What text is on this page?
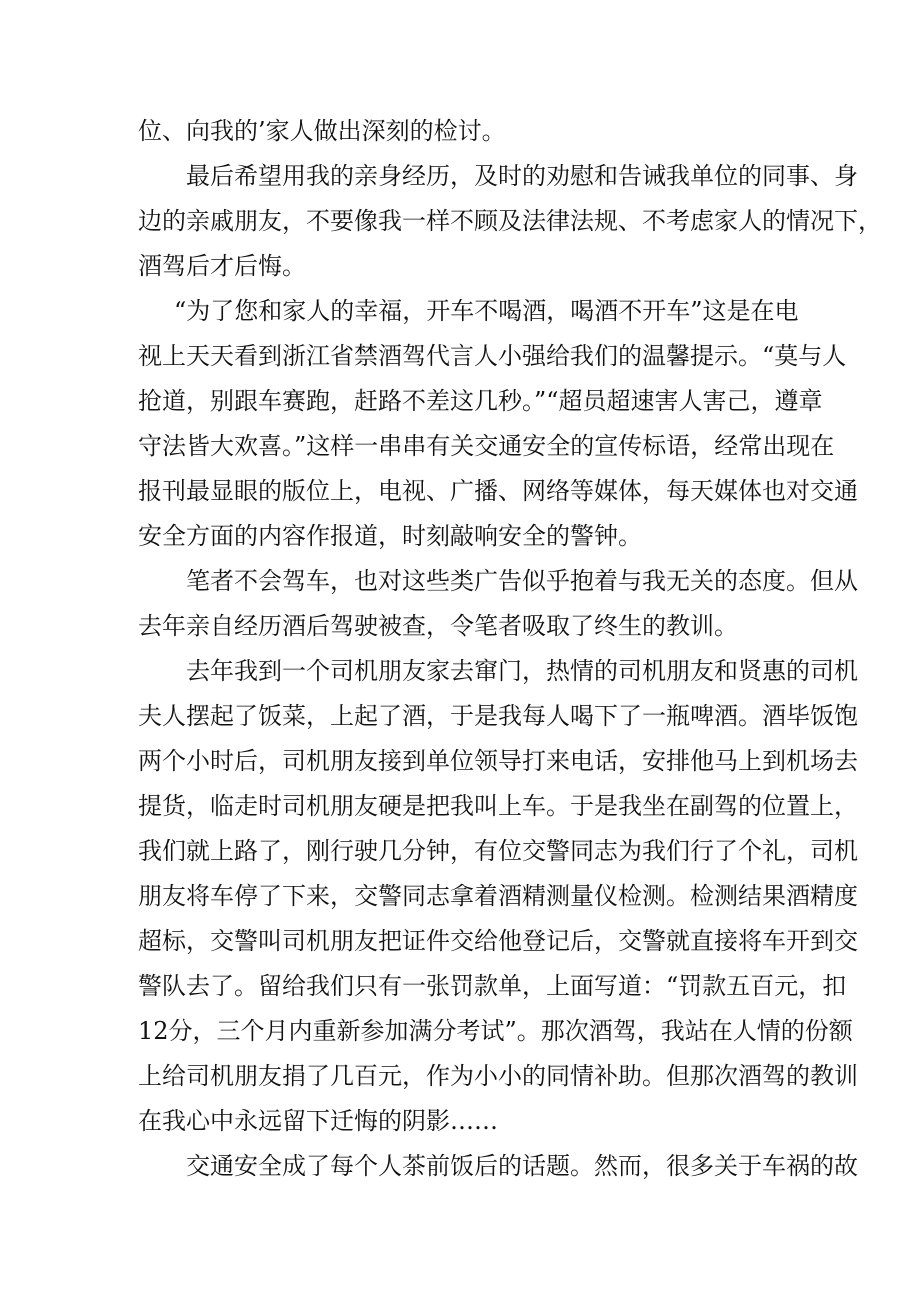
位、向我的’家人做出深刻的检讨。
最后希望用我的亲身经历，及时的劝慰和告诫我单位的同事、身
边的亲戚朋友，不要像我一样不顾及法律法规、不考虑家人的情况下，
酒驾后才后悔。
“为了您和家人的幸福，开车不喝酒，喝酒不开车”这是在电
视上天天看到浙江省禁酒驾代言人小强给我们的温馨提示。“莫与人
抢道，别跟车赛跑，赶路不差这几秒。”“超员超速害人害己，遵章
守法皆大欢喜。”这样一串串有关交通安全的宣传标语，经常出现在
报刊最显眼的版位上，电视、广播、网络等媒体，每天媒体也对交通
安全方面的内容作报道，时刻敲响安全的警钟。
笔者不会驾车，也对这些类广告似乎抱着与我无关的态度。但从
去年亲自经历酒后驾驶被查，令笔者吸取了终生的教训。
去年我到一个司机朋友家去窜门，热情的司机朋友和贤惠的司机
夫人摆起了饭菜，上起了酒，于是我每人喝下了一瓶啤酒。酒毕饭饱
两个小时后，司机朋友接到单位领导打来电话，安排他马上到机场去
提货，临走时司机朋友硬是把我叫上车。于是我坐在副驾的位置上，
我们就上路了，刚行驶几分钟，有位交警同志为我们行了个礼，司机
朋友将车停了下来，交警同志拿着酒精测量仪检测。检测结果酒精度
超标，交警叫司机朋友把证件交给他登记后，交警就直接将车开到交
警队去了。留给我们只有一张罚款单，上面写道：“罚款五百元，扣
12分，三个月内重新参加满分考试”。那次酒驾，我站在人情的份额
上给司机朋友捐了几百元，作为小小的同情补助。但那次酒驾的教训
在我心中永远留下迁悔的阴影……
交通安全成了每个人茶前饭后的话题。然而，很多关于车祸的故
